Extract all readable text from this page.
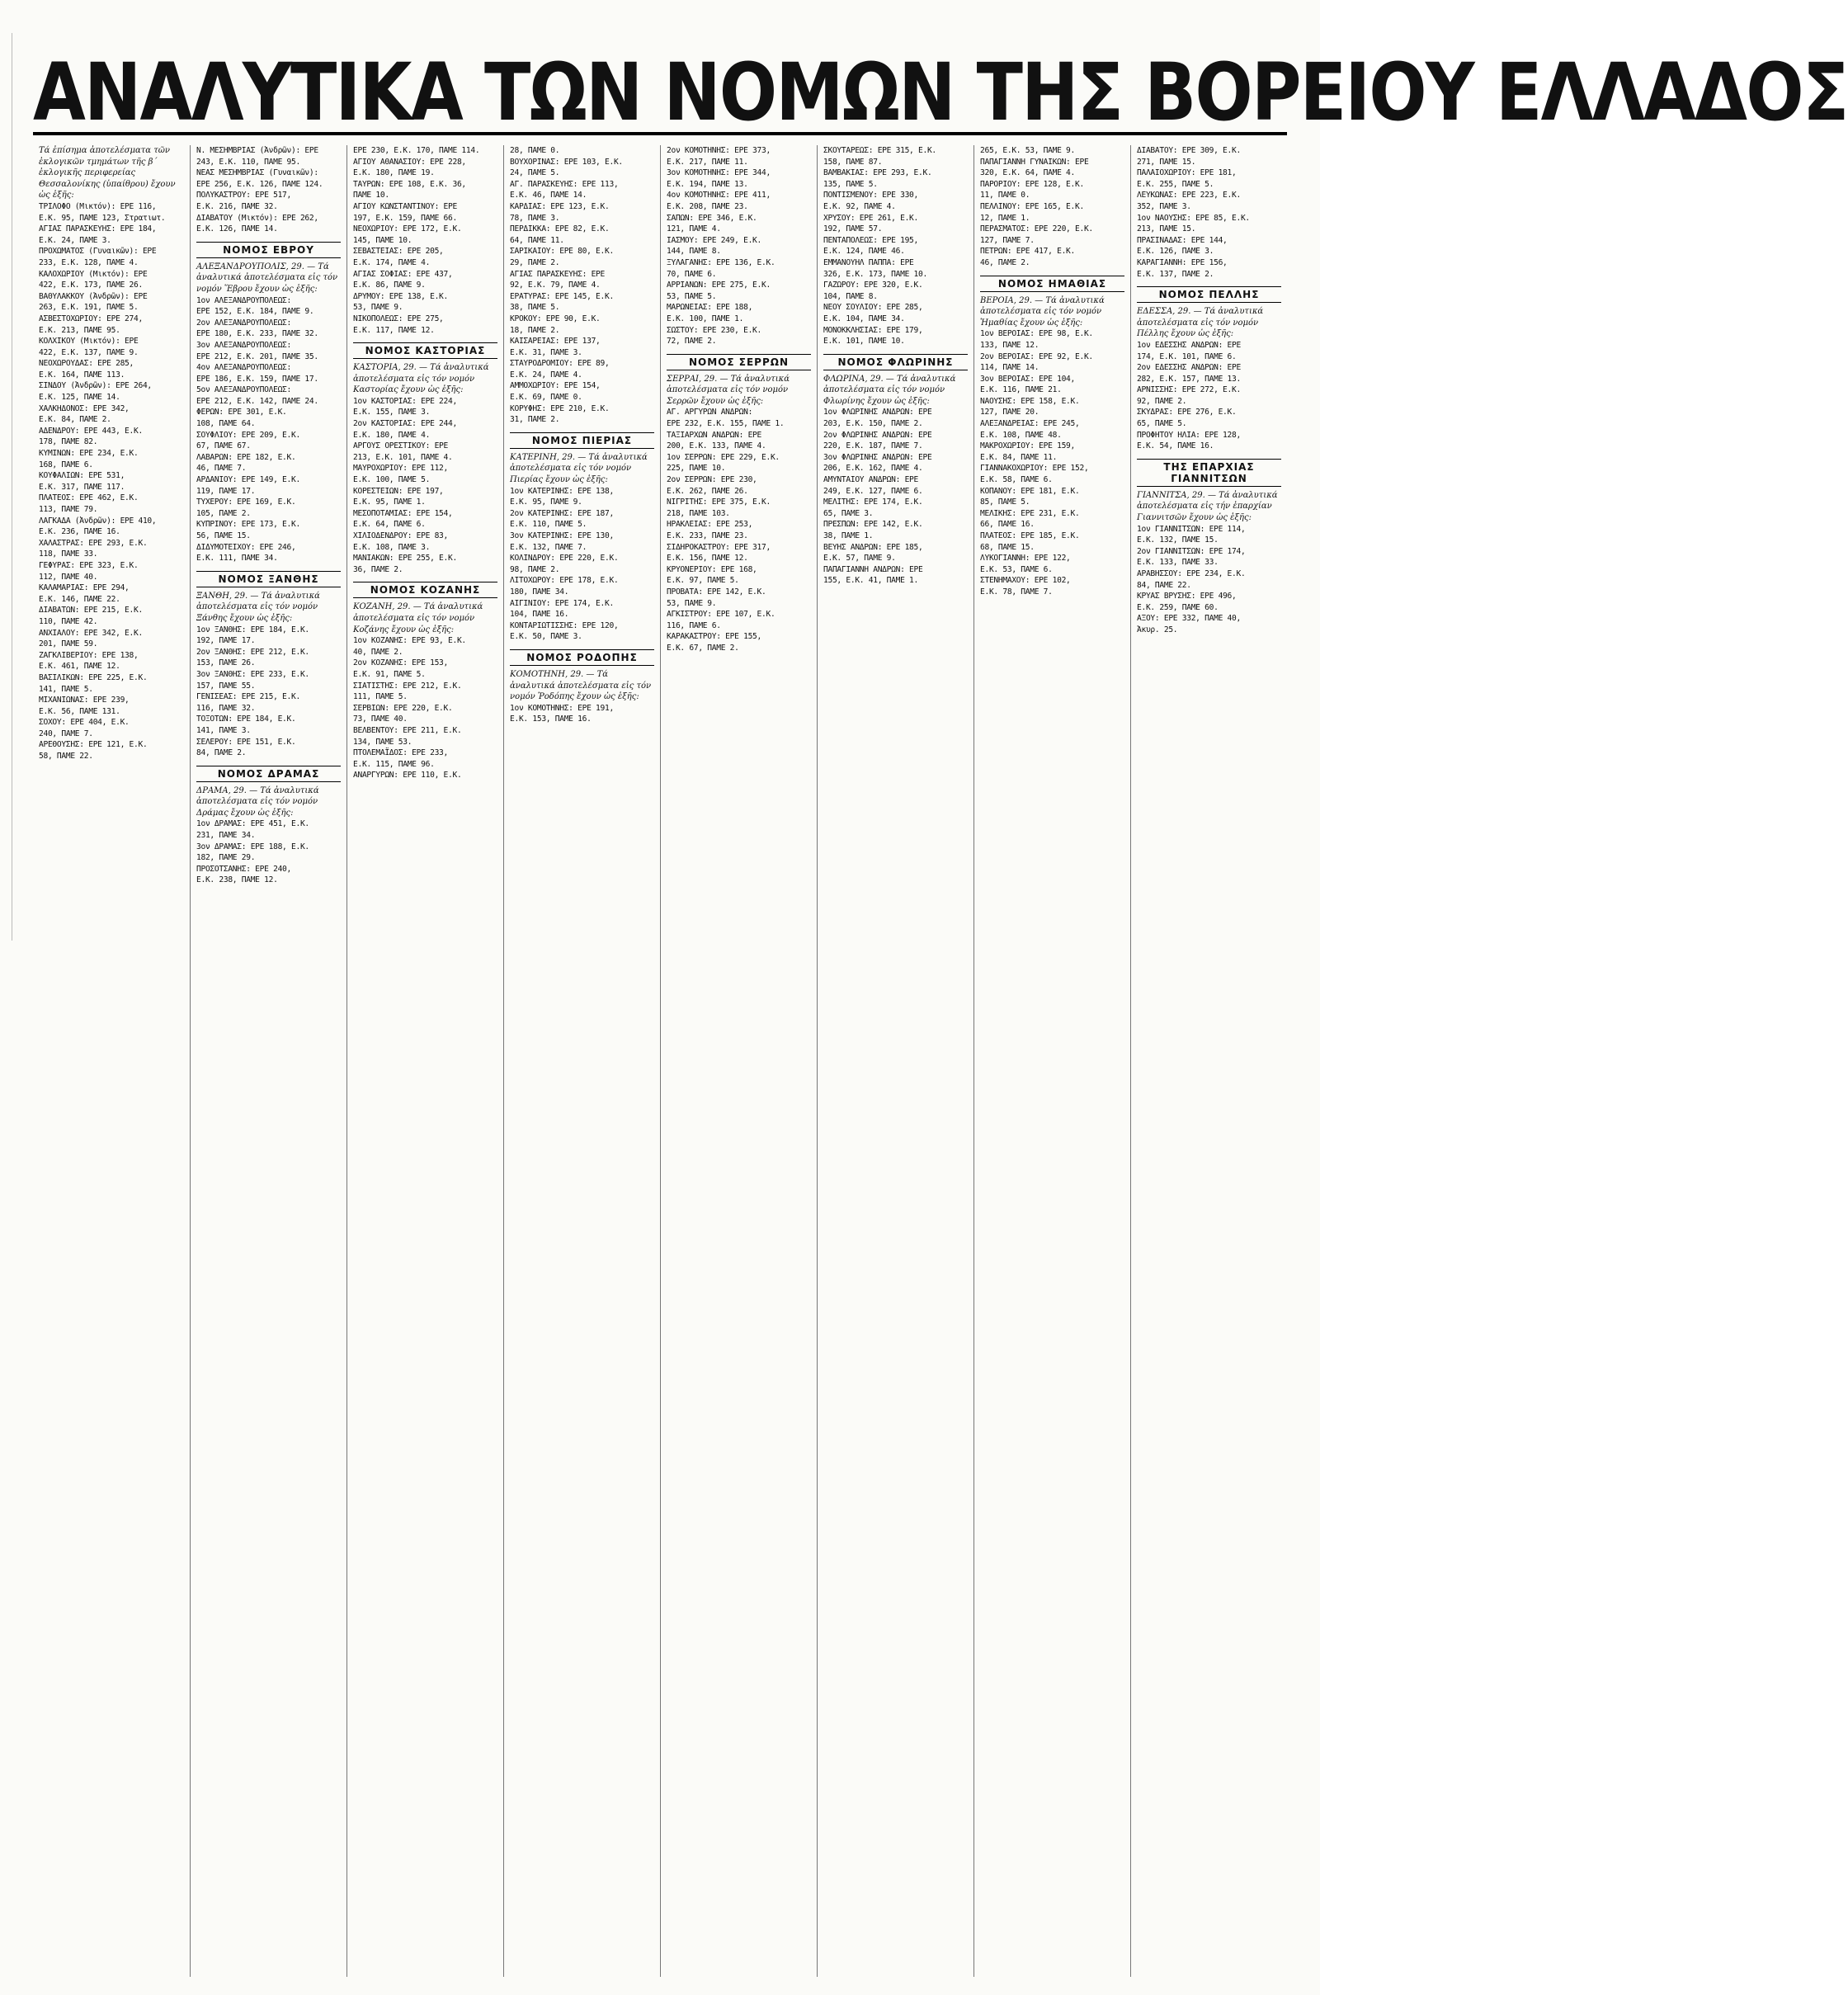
ΑΝΑΛΥΤΙΚΑ ΤΩΝ ΝΟΜΩΝ ΤΗΣ ΒΟΡΕΙΟΥ ΕΛΛΑΔΟΣ
Τά ἐπίσημα ἀποτελέσματα τῶν ἐκλογικῶν τμημάτων τῆς β΄ ἐκλογικῆς περιφερείας Θεσσαλονίκης (ὑπαίθρου) ἔχουν ὡς ἑξῆς:
ΤΡΙΛΟΦΟ (Μικτόν): ΕΡΕ 116,
Ε.Κ. 95, ΠΑΜΕ 123, Στρατιωτ.
ΑΓΙΑΣ ΠΑΡΑΣΚΕΥΗΣ: ΕΡΕ 184,
Ε.Κ. 24, ΠΑΜΕ 3.
ΠΡΟΧΩΜΑΤΟΣ (Γυναικῶν): ΕΡΕ
233, Ε.Κ. 128, ΠΑΜΕ 4.
ΚΑΛΟΧΩΡΙΟΥ (Μικτόν): ΕΡΕ
422, Ε.Κ. 173, ΠΑΜΕ 26.
ΒΑΘΥΛΑΚΚΟΥ (Ἀνδρῶν): ΕΡΕ
263, Ε.Κ. 191, ΠΑΜΕ 5.
ΑΣΒΕΣΤΟΧΩΡΙΟΥ: ΕΡΕ 274,
Ε.Κ. 213, ΠΑΜΕ 95.
ΚΟΛΧΙΚΟΥ (Μικτόν): ΕΡΕ
422, Ε.Κ. 137, ΠΑΜΕ 9.
ΝΕΟΧΩΡΟΥΔΑΣ: ΕΡΕ 285,
Ε.Κ. 164, ΠΑΜΕ 113.
ΣΙΝΔΟΥ (Ἀνδρῶν): ΕΡΕ 264,
Ε.Κ. 125, ΠΑΜΕ 14.
ΧΑΛΚΗΔΟΝΟΣ: ΕΡΕ 342,
Ε.Κ. 84, ΠΑΜΕ 2.
ΑΔΕΝΔΡΟΥ: ΕΡΕ 443, Ε.Κ.
178, ΠΑΜΕ 82.
ΚΥΜΙΝΩΝ: ΕΡΕ 234, Ε.Κ.
168, ΠΑΜΕ 6.
ΚΟΥΦΑΛΙΩΝ: ΕΡΕ 531,
Ε.Κ. 317, ΠΑΜΕ 117.
ΠΛΑΤΕΟΣ: ΕΡΕ 462, Ε.Κ.
113, ΠΑΜΕ 79.
ΛΑΓΚΑΔΑ (Ἀνδρῶν): ΕΡΕ 410,
Ε.Κ. 236, ΠΑΜΕ 16.
ΧΑΛΑΣΤΡΑΣ: ΕΡΕ 293, Ε.Κ.
118, ΠΑΜΕ 33.
ΓΕΦΥΡΑΣ: ΕΡΕ 323, Ε.Κ.
112, ΠΑΜΕ 40.
ΚΑΛΑΜΑΡΙΑΣ: ΕΡΕ 294,
Ε.Κ. 146, ΠΑΜΕ 22.
ΔΙΑΒΑΤΩΝ: ΕΡΕ 215, Ε.Κ.
110, ΠΑΜΕ 42.
ΑΝΧΙΑΛΟΥ: ΕΡΕ 342, Ε.Κ.
201, ΠΑΜΕ 59.
ΖΑΓΚΛΙΒΕΡΙΟΥ: ΕΡΕ 138,
Ε.Κ. 461, ΠΑΜΕ 12.
ΒΑΣΙΛΙΚΩΝ: ΕΡΕ 225, Ε.Κ.
141, ΠΑΜΕ 5.
ΜΙΧΑΝΙΩΝΑΣ: ΕΡΕ 239,
Ε.Κ. 56, ΠΑΜΕ 131.
ΣΟΧΟΥ: ΕΡΕ 404, Ε.Κ.
240, ΠΑΜΕ 7.
ΑΡΕΘΟΥΣΗΣ: ΕΡΕ 121, Ε.Κ.
58, ΠΑΜΕ 22.
Ν. ΜΕΣΗΜΒΡΙΑΣ (Ἀνδρῶν): ΕΡΕ
243, Ε.Κ. 110, ΠΑΜΕ 95.
ΝΕΑΣ ΜΕΣΗΜΒΡΙΑΣ (Γυναικῶν):
ΕΡΕ 256, Ε.Κ. 126, ΠΑΜΕ 124.
ΠΟΛΥΚΑΣΤΡΟΥ: ΕΡΕ 517,
Ε.Κ. 216, ΠΑΜΕ 32.
ΔΙΑΒΑΤΟΥ (Μικτόν): ΕΡΕ 262,
Ε.Κ. 126, ΠΑΜΕ 14.
ΝΟΜΟΣ ΕΒΡΟΥ
ΑΛΕΞΑΝΔΡΟΥΠΟΛΙΣ, 29. — Τά ἀναλυτικά ἀποτελέσματα εἰς τόν νομόν Ἕβρου ἔχουν ὡς ἑξῆς:
1ον ΑΛΕΞΑΝΔΡΟΥΠΟΛΕΩΣ:
ΕΡΕ 152, Ε.Κ. 184, ΠΑΜΕ 9.
2ον ΑΛΕΞΑΝΔΡΟΥΠΟΛΕΩΣ:
ΕΡΕ 180, Ε.Κ. 233, ΠΑΜΕ 32.
3ον ΑΛΕΞΑΝΔΡΟΥΠΟΛΕΩΣ:
ΕΡΕ 212, Ε.Κ. 201, ΠΑΜΕ 35.
4ον ΑΛΕΞΑΝΔΡΟΥΠΟΛΕΩΣ:
ΕΡΕ 186, Ε.Κ. 159, ΠΑΜΕ 17.
5ον ΑΛΕΞΑΝΔΡΟΥΠΟΛΕΩΣ:
ΕΡΕ 212, Ε.Κ. 142, ΠΑΜΕ 24.
ΦΕΡΩΝ: ΕΡΕ 301, Ε.Κ.
108, ΠΑΜΕ 64.
ΣΟΥΦΛΙΟΥ: ΕΡΕ 209, Ε.Κ.
67, ΠΑΜΕ 67.
ΛΑΒΑΡΩΝ: ΕΡΕ 182, Ε.Κ.
46, ΠΑΜΕ 7.
ΑΡΔΑΝΙΟΥ: ΕΡΕ 149, Ε.Κ.
119, ΠΑΜΕ 17.
ΤΥΧΕΡΟΥ: ΕΡΕ 169, Ε.Κ.
105, ΠΑΜΕ 2.
ΚΥΠΡΙΝΟΥ: ΕΡΕ 173, Ε.Κ.
56, ΠΑΜΕ 15.
ΔΙΔΥΜΟΤΕΙΧΟΥ: ΕΡΕ 246,
Ε.Κ. 111, ΠΑΜΕ 34.
ΝΟΜΟΣ ΞΑΝΘΗΣ
ΞΑΝΘΗ, 29. — Τά ἀναλυτικά ἀποτελέσματα εἰς τόν νομόν Ξάνθης ἔχουν ὡς ἑξῆς:
1ον ΞΑΝΘΗΣ: ΕΡΕ 184, Ε.Κ.
192, ΠΑΜΕ 17.
2ον ΞΑΝΘΗΣ: ΕΡΕ 212, Ε.Κ.
153, ΠΑΜΕ 26.
3ον ΞΑΝΘΗΣ: ΕΡΕ 233, Ε.Κ.
157, ΠΑΜΕ 55.
ΓΕΝΙΣΕΑΣ: ΕΡΕ 215, Ε.Κ.
116, ΠΑΜΕ 32.
ΤΟΞΟΤΩΝ: ΕΡΕ 184, Ε.Κ.
141, ΠΑΜΕ 3.
ΣΕΛΕΡΟΥ: ΕΡΕ 151, Ε.Κ.
84, ΠΑΜΕ 2.
ΝΟΜΟΣ ΔΡΑΜΑΣ
ΔΡΑΜΑ, 29. — Τά ἀναλυτικά ἀποτελέσματα εἰς τόν νομόν Δράμας ἔχουν ὡς ἑξῆς:
1ον ΔΡΑΜΑΣ: ΕΡΕ 451, Ε.Κ.
231, ΠΑΜΕ 34.
3ον ΔΡΑΜΑΣ: ΕΡΕ 188, Ε.Κ.
182, ΠΑΜΕ 29.
ΠΡΟΣΟΤΣΑΝΗΣ: ΕΡΕ 240,
Ε.Κ. 238, ΠΑΜΕ 12.
ΕΡΕ 230, Ε.Κ. 170, ΠΑΜΕ 114.
ΑΓΙΟΥ ΑΘΑΝΑΣΙΟΥ: ΕΡΕ 228,
Ε.Κ. 180, ΠΑΜΕ 19.
ΤΑΥΡΩΝ: ΕΡΕ 108, Ε.Κ. 36,
ΠΑΜΕ 10.
ΑΓΙΟΥ ΚΩΝΣΤΑΝΤΙΝΟΥ: ΕΡΕ
197, Ε.Κ. 159, ΠΑΜΕ 66.
ΝΕΟΧΩΡΙΟΥ: ΕΡΕ 172, Ε.Κ.
145, ΠΑΜΕ 10.
ΣΕΒΑΣΤΕΙΑΣ: ΕΡΕ 205,
Ε.Κ. 174, ΠΑΜΕ 4.
ΑΓΙΑΣ ΣΟΦΙΑΣ: ΕΡΕ 437,
Ε.Κ. 86, ΠΑΜΕ 9.
ΔΡΥΜΟΥ: ΕΡΕ 138, Ε.Κ.
53, ΠΑΜΕ 9.
ΝΙΚΟΠΟΛΕΩΣ: ΕΡΕ 275,
Ε.Κ. 117, ΠΑΜΕ 12.
ΝΟΜΟΣ ΚΑΣΤΟΡΙΑΣ
ΚΑΣΤΟΡΙΑ, 29. — Τά ἀναλυτικά ἀποτελέσματα εἰς τόν νομόν Καστορίας ἔχουν ὡς ἑξῆς:
1ον ΚΑΣΤΟΡΙΑΣ: ΕΡΕ 224,
Ε.Κ. 155, ΠΑΜΕ 3.
2ον ΚΑΣΤΟΡΙΑΣ: ΕΡΕ 244,
Ε.Κ. 180, ΠΑΜΕ 4.
ΑΡΓΟΥΣ ΟΡΕΣΤΙΚΟΥ: ΕΡΕ
213, Ε.Κ. 101, ΠΑΜΕ 4.
ΜΑΥΡΟΧΩΡΙΟΥ: ΕΡΕ 112,
Ε.Κ. 100, ΠΑΜΕ 5.
ΚΟΡΕΣΤΕΙΩΝ: ΕΡΕ 197,
Ε.Κ. 95, ΠΑΜΕ 1.
ΜΕΣΟΠΟΤΑΜΙΑΣ: ΕΡΕ 154,
Ε.Κ. 64, ΠΑΜΕ 6.
ΧΙΛΙΟΔΕΝΔΡΟΥ: ΕΡΕ 83,
Ε.Κ. 108, ΠΑΜΕ 3.
ΜΑΝΙΑΚΩΝ: ΕΡΕ 255, Ε.Κ.
36, ΠΑΜΕ 2.
ΝΟΜΟΣ ΚΟΖΑΝΗΣ
ΚΟΖΑΝΗ, 29. — Τά ἀναλυτικά ἀποτελέσματα εἰς τόν νομόν Κοζάνης ἔχουν ὡς ἑξῆς:
1ον ΚΟΖΑΝΗΣ: ΕΡΕ 93, Ε.Κ.
40, ΠΑΜΕ 2.
2ον ΚΟΖΑΝΗΣ: ΕΡΕ 153,
Ε.Κ. 91, ΠΑΜΕ 5.
ΣΙΑΤΙΣΤΗΣ: ΕΡΕ 212, Ε.Κ.
111, ΠΑΜΕ 5.
ΣΕΡΒΙΩΝ: ΕΡΕ 220, Ε.Κ.
73, ΠΑΜΕ 40.
ΒΕΛΒΕΝΤΟΥ: ΕΡΕ 211, Ε.Κ.
134, ΠΑΜΕ 53.
ΠΤΟΛΕΜΑΪΔΟΣ: ΕΡΕ 233,
Ε.Κ. 115, ΠΑΜΕ 96.
ΑΝΑΡΓΥΡΩΝ: ΕΡΕ 110, Ε.Κ.
28, ΠΑΜΕ 0.
ΒΟΥΧΟΡΙΝΑΣ: ΕΡΕ 103, Ε.Κ.
24, ΠΑΜΕ 5.
ΑΓ. ΠΑΡΑΣΚΕΥΗΣ: ΕΡΕ 113,
Ε.Κ. 46, ΠΑΜΕ 14.
ΚΑΡΔΙΑΣ: ΕΡΕ 123, Ε.Κ.
78, ΠΑΜΕ 3.
ΠΕΡΔΙΚΚΑ: ΕΡΕ 82, Ε.Κ.
64, ΠΑΜΕ 11.
ΣΑΡΙΚΑΙΟΥ: ΕΡΕ 80, Ε.Κ.
29, ΠΑΜΕ 2.
ΑΓΙΑΣ ΠΑΡΑΣΚΕΥΗΣ: ΕΡΕ
92, Ε.Κ. 79, ΠΑΜΕ 4.
ΕΡΑΤΥΡΑΣ: ΕΡΕ 145, Ε.Κ.
38, ΠΑΜΕ 5.
ΚΡΟΚΟΥ: ΕΡΕ 90, Ε.Κ.
18, ΠΑΜΕ 2.
ΚΑΙΣΑΡΕΙΑΣ: ΕΡΕ 137,
Ε.Κ. 31, ΠΑΜΕ 3.
ΣΤΑΥΡΟΔΡΟΜΙΟΥ: ΕΡΕ 89,
Ε.Κ. 24, ΠΑΜΕ 4.
ΑΜΜΟΧΩΡΙΟΥ: ΕΡΕ 154,
Ε.Κ. 69, ΠΑΜΕ 0.
ΚΟΡΥΦΗΣ: ΕΡΕ 210, Ε.Κ.
31, ΠΑΜΕ 2.
ΝΟΜΟΣ ΠΙΕΡΙΑΣ
ΚΑΤΕΡΙΝΗ, 29. — Τά ἀναλυτικά ἀποτελέσματα εἰς τόν νομόν Πιερίας ἔχουν ὡς ἑξῆς:
1ον ΚΑΤΕΡΙΝΗΣ: ΕΡΕ 138,
Ε.Κ. 95, ΠΑΜΕ 9.
2ον ΚΑΤΕΡΙΝΗΣ: ΕΡΕ 187,
Ε.Κ. 110, ΠΑΜΕ 5.
3ον ΚΑΤΕΡΙΝΗΣ: ΕΡΕ 130,
Ε.Κ. 132, ΠΑΜΕ 7.
ΚΟΛΙΝΔΡΟΥ: ΕΡΕ 220, Ε.Κ.
98, ΠΑΜΕ 2.
ΛΙΤΟΧΩΡΟΥ: ΕΡΕ 178, Ε.Κ.
180, ΠΑΜΕ 34.
ΑΙΓΙΝΙΟΥ: ΕΡΕ 174, Ε.Κ.
104, ΠΑΜΕ 16.
ΚΟΝΤΑΡΙΩΤΙΣΣΗΣ: ΕΡΕ 120,
Ε.Κ. 50, ΠΑΜΕ 3.
ΝΟΜΟΣ ΡΟΔΟΠΗΣ
ΚΟΜΟΤΗΝΗ, 29. — Τά ἀναλυτικά ἀποτελέσματα εἰς τόν νομόν Ῥοδόπης ἔχουν ὡς ἑξῆς:
1ον ΚΟΜΟΤΗΝΗΣ: ΕΡΕ 191,
Ε.Κ. 153, ΠΑΜΕ 16.
2ον ΚΟΜΟΤΗΝΗΣ: ΕΡΕ 373,
Ε.Κ. 217, ΠΑΜΕ 11.
3ον ΚΟΜΟΤΗΝΗΣ: ΕΡΕ 344,
Ε.Κ. 194, ΠΑΜΕ 13.
4ον ΚΟΜΟΤΗΝΗΣ: ΕΡΕ 411,
Ε.Κ. 208, ΠΑΜΕ 23.
ΣΑΠΩΝ: ΕΡΕ 346, Ε.Κ.
121, ΠΑΜΕ 4.
ΙΑΣΜΟΥ: ΕΡΕ 249, Ε.Κ.
144, ΠΑΜΕ 8.
ΞΥΛΑΓΑΝΗΣ: ΕΡΕ 136, Ε.Κ.
70, ΠΑΜΕ 6.
ΑΡΡΙΑΝΩΝ: ΕΡΕ 275, Ε.Κ.
53, ΠΑΜΕ 5.
ΜΑΡΩΝΕΙΑΣ: ΕΡΕ 188,
Ε.Κ. 100, ΠΑΜΕ 1.
ΣΩΣΤΟΥ: ΕΡΕ 230, Ε.Κ.
72, ΠΑΜΕ 2.
ΝΟΜΟΣ ΣΕΡΡΩΝ
ΣΕΡΡΑΙ, 29. — Τά ἀναλυτικά ἀποτελέσματα εἰς τόν νομόν Σερρῶν ἔχουν ὡς ἑξῆς:
ΑΓ. ΑΡΓΥΡΩΝ ΑΝΔΡΩΝ:
ΕΡΕ 232, Ε.Κ. 155, ΠΑΜΕ 1.
ΤΑΞΙΑΡΧΩΝ ΑΝΔΡΩΝ: ΕΡΕ
200, Ε.Κ. 133, ΠΑΜΕ 4.
1ον ΣΕΡΡΩΝ: ΕΡΕ 229, Ε.Κ.
225, ΠΑΜΕ 10.
2ον ΣΕΡΡΩΝ: ΕΡΕ 230,
Ε.Κ. 262, ΠΑΜΕ 26.
ΝΙΓΡΙΤΗΣ: ΕΡΕ 375, Ε.Κ.
218, ΠΑΜΕ 103.
ΗΡΑΚΛΕΙΑΣ: ΕΡΕ 253,
Ε.Κ. 233, ΠΑΜΕ 23.
ΣΙΔΗΡΟΚΑΣΤΡΟΥ: ΕΡΕ 317,
Ε.Κ. 156, ΠΑΜΕ 12.
ΚΡΥΟΝΕΡΙΟΥ: ΕΡΕ 168,
Ε.Κ. 97, ΠΑΜΕ 5.
ΠΡΟΒΑΤΑ: ΕΡΕ 142, Ε.Κ.
53, ΠΑΜΕ 9.
ΑΓΚΙΣΤΡΟΥ: ΕΡΕ 107, Ε.Κ.
116, ΠΑΜΕ 6.
ΚΑΡΑΚΑΣΤΡΟΥ: ΕΡΕ 155,
Ε.Κ. 67, ΠΑΜΕ 2.
ΣΚΟΥΤΑΡΕΩΣ: ΕΡΕ 315, Ε.Κ.
158, ΠΑΜΕ 87.
ΒΑΜΒΑΚΙΑΣ: ΕΡΕ 293, Ε.Κ.
135, ΠΑΜΕ 5.
ΠΟΝΤΙΣΜΕΝΟΥ: ΕΡΕ 330,
Ε.Κ. 92, ΠΑΜΕ 4.
ΧΡΥΣΟΥ: ΕΡΕ 261, Ε.Κ.
192, ΠΑΜΕ 57.
ΠΕΝΤΑΠΟΛΕΩΣ: ΕΡΕ 195,
Ε.Κ. 124, ΠΑΜΕ 46.
ΕΜΜΑΝΟΥΗΛ ΠΑΠΠΑ: ΕΡΕ
326, Ε.Κ. 173, ΠΑΜΕ 10.
ΓΑΖΩΡΟΥ: ΕΡΕ 320, Ε.Κ.
104, ΠΑΜΕ 8.
ΝΕΟΥ ΣΟΥΛΙΟΥ: ΕΡΕ 285,
Ε.Κ. 104, ΠΑΜΕ 34.
ΜΟΝΟΚΚΛΗΣΙΑΣ: ΕΡΕ 179,
Ε.Κ. 101, ΠΑΜΕ 10.
ΝΟΜΟΣ ΦΛΩΡΙΝΗΣ
ΦΛΩΡΙΝΑ, 29. — Τά ἀναλυτικά ἀποτελέσματα εἰς τόν νομόν Φλωρίνης ἔχουν ὡς ἑξῆς:
1ον ΦΛΩΡΙΝΗΣ ΑΝΔΡΩΝ: ΕΡΕ
203, Ε.Κ. 150, ΠΑΜΕ 2.
2ον ΦΛΩΡΙΝΗΣ ΑΝΔΡΩΝ: ΕΡΕ
220, Ε.Κ. 187, ΠΑΜΕ 7.
3ον ΦΛΩΡΙΝΗΣ ΑΝΔΡΩΝ: ΕΡΕ
206, Ε.Κ. 162, ΠΑΜΕ 4.
ΑΜΥΝΤΑΙΟΥ ΑΝΔΡΩΝ: ΕΡΕ
249, Ε.Κ. 127, ΠΑΜΕ 6.
ΜΕΛΙΤΗΣ: ΕΡΕ 174, Ε.Κ.
65, ΠΑΜΕ 3.
ΠΡΕΣΠΩΝ: ΕΡΕ 142, Ε.Κ.
38, ΠΑΜΕ 1.
ΒΕΥΗΣ ΑΝΔΡΩΝ: ΕΡΕ 185,
Ε.Κ. 57, ΠΑΜΕ 9.
ΠΑΠΑΓΙΑΝΝΗ ΑΝΔΡΩΝ: ΕΡΕ
155, Ε.Κ. 41, ΠΑΜΕ 1.
265, Ε.Κ. 53, ΠΑΜΕ 9.
ΠΑΠΑΓΙΑΝΝΗ ΓΥΝΑΙΚΩΝ: ΕΡΕ
320, Ε.Κ. 64, ΠΑΜΕ 4.
ΠΑΡΟΡΙΟΥ: ΕΡΕ 128, Ε.Κ.
11, ΠΑΜΕ 0.
ΠΕΛΛΙΝΟΥ: ΕΡΕ 165, Ε.Κ.
12, ΠΑΜΕ 1.
ΠΕΡΑΣΜΑΤΟΣ: ΕΡΕ 220, Ε.Κ.
127, ΠΑΜΕ 7.
ΠΕΤΡΩΝ: ΕΡΕ 417, Ε.Κ.
46, ΠΑΜΕ 2.
ΝΟΜΟΣ ΗΜΑΘΙΑΣ
ΒΕΡΟΙΑ, 29. — Τά ἀναλυτικά ἀποτελέσματα εἰς τόν νομόν Ἡμαθίας ἔχουν ὡς ἑξῆς:
1ον ΒΕΡΟΙΑΣ: ΕΡΕ 98, Ε.Κ.
133, ΠΑΜΕ 12.
2ον ΒΕΡΟΙΑΣ: ΕΡΕ 92, Ε.Κ.
114, ΠΑΜΕ 14.
3ον ΒΕΡΟΙΑΣ: ΕΡΕ 104,
Ε.Κ. 116, ΠΑΜΕ 21.
ΝΑΟΥΣΗΣ: ΕΡΕ 158, Ε.Κ.
127, ΠΑΜΕ 20.
ΑΛΕΞΑΝΔΡΕΙΑΣ: ΕΡΕ 245,
Ε.Κ. 108, ΠΑΜΕ 48.
ΜΑΚΡΟΧΩΡΙΟΥ: ΕΡΕ 159,
Ε.Κ. 84, ΠΑΜΕ 11.
ΓΙΑΝΝΑΚΟΧΩΡΙΟΥ: ΕΡΕ 152,
Ε.Κ. 58, ΠΑΜΕ 6.
ΚΟΠΑΝΟΥ: ΕΡΕ 181, Ε.Κ.
85, ΠΑΜΕ 5.
ΜΕΛΙΚΗΣ: ΕΡΕ 231, Ε.Κ.
66, ΠΑΜΕ 16.
ΠΛΑΤΕΟΣ: ΕΡΕ 185, Ε.Κ.
68, ΠΑΜΕ 15.
ΛΥΚΟΓΙΑΝΝΗ: ΕΡΕ 122,
Ε.Κ. 53, ΠΑΜΕ 6.
ΣΤΕΝΗΜΑΧΟΥ: ΕΡΕ 102,
Ε.Κ. 78, ΠΑΜΕ 7.
ΔΙΑΒΑΤΟΥ: ΕΡΕ 309, Ε.Κ.
271, ΠΑΜΕ 15.
ΠΑΛΑΙΟΧΩΡΙΟΥ: ΕΡΕ 181,
Ε.Κ. 255, ΠΑΜΕ 5.
ΛΕΥΚΩΝΑΣ: ΕΡΕ 223, Ε.Κ.
352, ΠΑΜΕ 3.
1ον ΝΑΟΥΣΗΣ: ΕΡΕ 85, Ε.Κ.
213, ΠΑΜΕ 15.
ΠΡΑΣΙΝΑΔΑΣ: ΕΡΕ 144,
Ε.Κ. 126, ΠΑΜΕ 3.
ΚΑΡΑΓΙΑΝΝΗ: ΕΡΕ 156,
Ε.Κ. 137, ΠΑΜΕ 2.
ΝΟΜΟΣ ΠΕΛΛΗΣ
ΕΔΕΣΣΑ, 29. — Τά ἀναλυτικά ἀποτελέσματα εἰς τόν νομόν Πέλλης ἔχουν ὡς ἑξῆς:
1ον ΕΔΕΣΣΗΣ ΑΝΔΡΩΝ: ΕΡΕ
174, Ε.Κ. 101, ΠΑΜΕ 6.
2ον ΕΔΕΣΣΗΣ ΑΝΔΡΩΝ: ΕΡΕ
282, Ε.Κ. 157, ΠΑΜΕ 13.
ΑΡΝΙΣΣΗΣ: ΕΡΕ 272, Ε.Κ.
92, ΠΑΜΕ 2.
ΣΚΥΔΡΑΣ: ΕΡΕ 276, Ε.Κ.
65, ΠΑΜΕ 5.
ΠΡΟΦΗΤΟΥ ΗΛΙΑ: ΕΡΕ 128,
Ε.Κ. 54, ΠΑΜΕ 16.
ΤΗΣ ΕΠΑΡΧΙΑΣ ΓΙΑΝΝΙΤΣΩΝ
ΓΙΑΝΝΙΤΣΑ, 29. — Τά ἀναλυτικά ἀποτελέσματα εἰς τήν ἐπαρχίαν Γιαννιτσῶν ἔχουν ὡς ἑξῆς:
1ον ΓΙΑΝΝΙΤΣΩΝ: ΕΡΕ 114,
Ε.Κ. 132, ΠΑΜΕ 15.
2ον ΓΙΑΝΝΙΤΣΩΝ: ΕΡΕ 174,
Ε.Κ. 133, ΠΑΜΕ 33.
ΑΡΑΒΗΣΣΟΥ: ΕΡΕ 234, Ε.Κ.
84, ΠΑΜΕ 22.
ΚΡΥΑΣ ΒΡΥΣΗΣ: ΕΡΕ 496,
Ε.Κ. 259, ΠΑΜΕ 60.
ΑΞΟΥ: ΕΡΕ 332, ΠΑΜΕ 40,
Ἀκυρ. 25.
